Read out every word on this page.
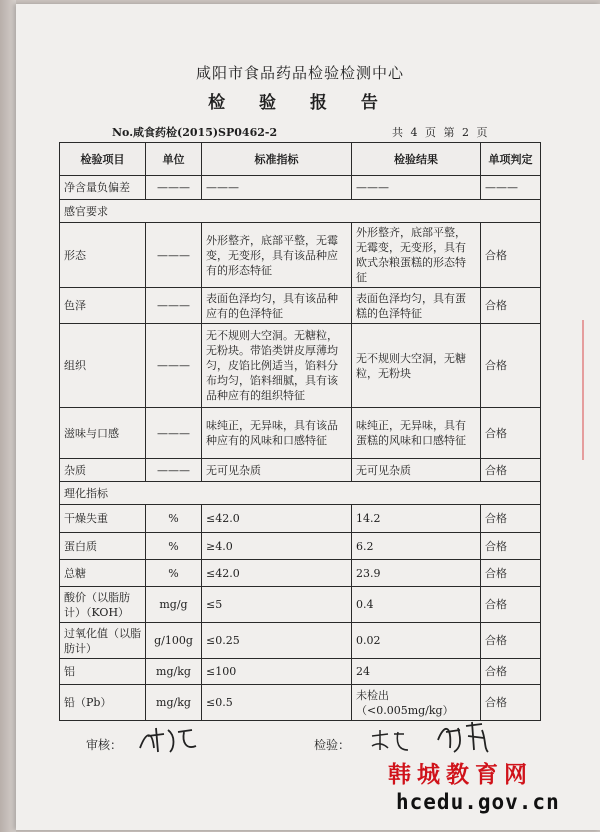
咸阳市食品药品检验检测中心
检 验 报 告
No.咸食药检(2015)SP0462-2	共 4 页 第 2 页
检验项目	单位	标准指标	检验结果	单项判定
净含量负偏差	———	———	———	———
感官要求				
形态	———	外形整齐，底部平整，无霉变，无变形，具有该品种应有的形态特征	外形整齐，底部平整，无霉变，无变形，具有欧式杂粮蛋糕的形态特征	合格
色泽	———	表面色泽均匀，具有该品种应有的色泽特征	表面色泽均匀，具有蛋糕的色泽特征	合格
组织	———	无不规则大空洞。无糖粒，无粉块。带馅类饼皮厚薄均匀，皮馅比例适当，馅料分布均匀，馅料细腻，具有该品种应有的组织特征	无不规则大空洞，无糖粒，无粉块	合格
滋味与口感	———	味纯正，无异味，具有该品种应有的风味和口感特征	味纯正，无异味，具有蛋糕的风味和口感特征	合格
杂质	———	无可见杂质	无可见杂质	合格
理化指标				
干燥失重	%	≤42.0	14.2	合格
蛋白质	%	≥4.0	6.2	合格
总糖	%	≤42.0	23.9	合格
酸价（以脂肪计）（KOH）	mg/g	≤5	0.4	合格
过氧化值（以脂肪计）	g/100g	≤0.25	0.02	合格
铝	mg/kg	≤100	24	合格
铅（Pb）	mg/kg	≤0.5	未检出（<0.005mg/kg）	合格
审核：	检验：
韩城教育网
hcedu.gov.cn
